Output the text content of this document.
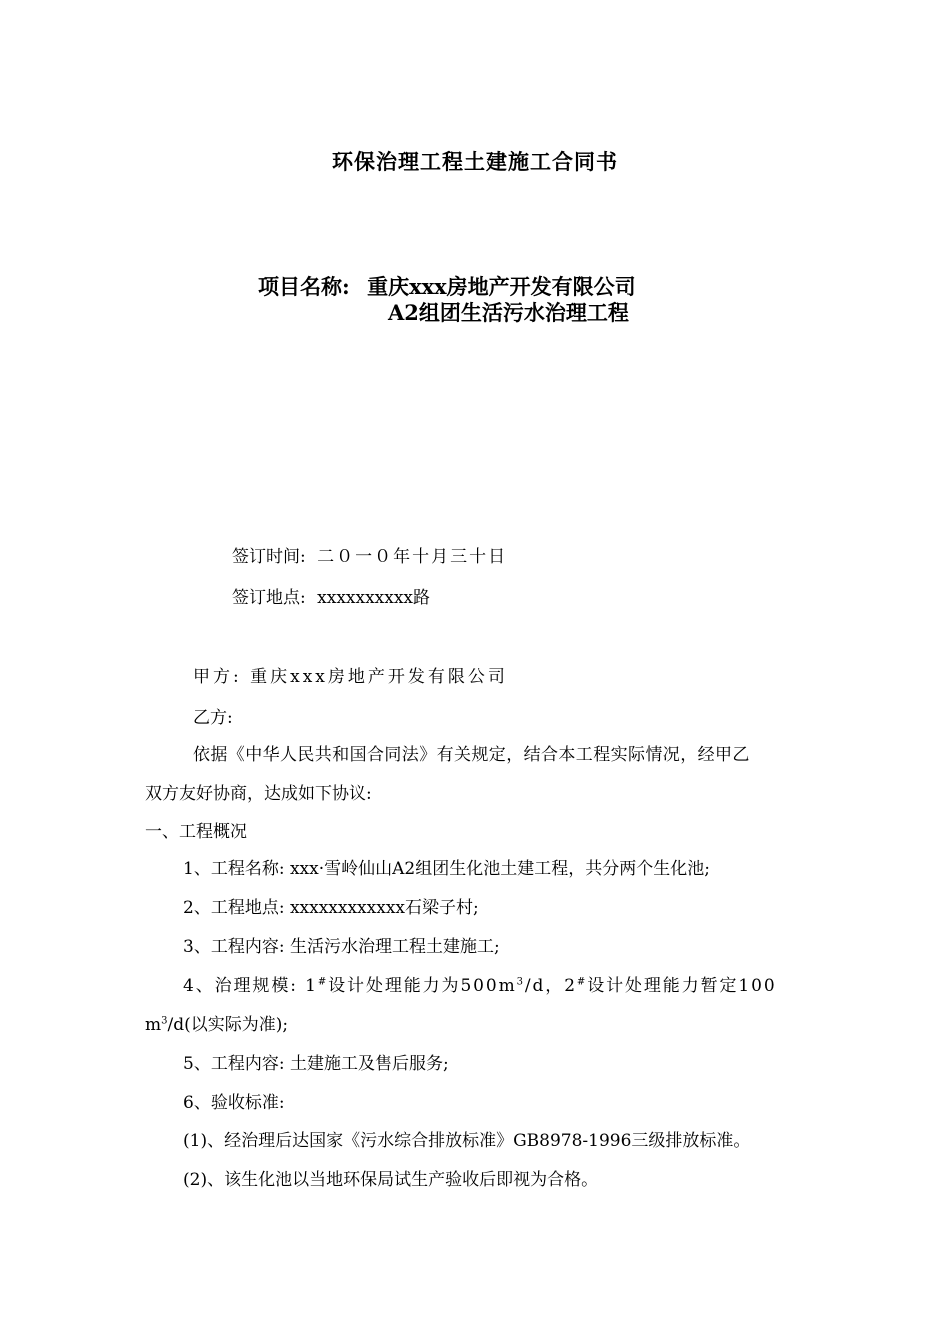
环保治理工程土建施工合同书
项目名称: 重庆xxx房地产开发有限公司
A2组团生活污水治理工程
签订时间: 二０一０年十月三十日
签订地点: xxxxxxxxxx路
甲方: 重庆xxx房地产开发有限公司
乙方:
依据《中华人民共和国合同法》有关规定，结合本工程实际情况，经甲乙
双方友好协商，达成如下协议:
一、工程概况
1、工程名称: xxx·雪岭仙山A2组团生化池土建工程，共分两个生化池;
2、工程地点: xxxxxxxxxxxx石梁子村;
3、工程内容: 生活污水治理工程土建施工;
4、治理规模: 1#设计处理能力为$500m^3/d$，2#设计处理能力暂定100
$m^3/d$(以实际为准);
5、工程内容: 土建施工及售后服务;
6、验收标准:
(1)、经治理后达国家《污水综合排放标准》GB8978-1996三级排放标准。
(2)、该生化池以当地环保局试生产验收后即视为合格。
